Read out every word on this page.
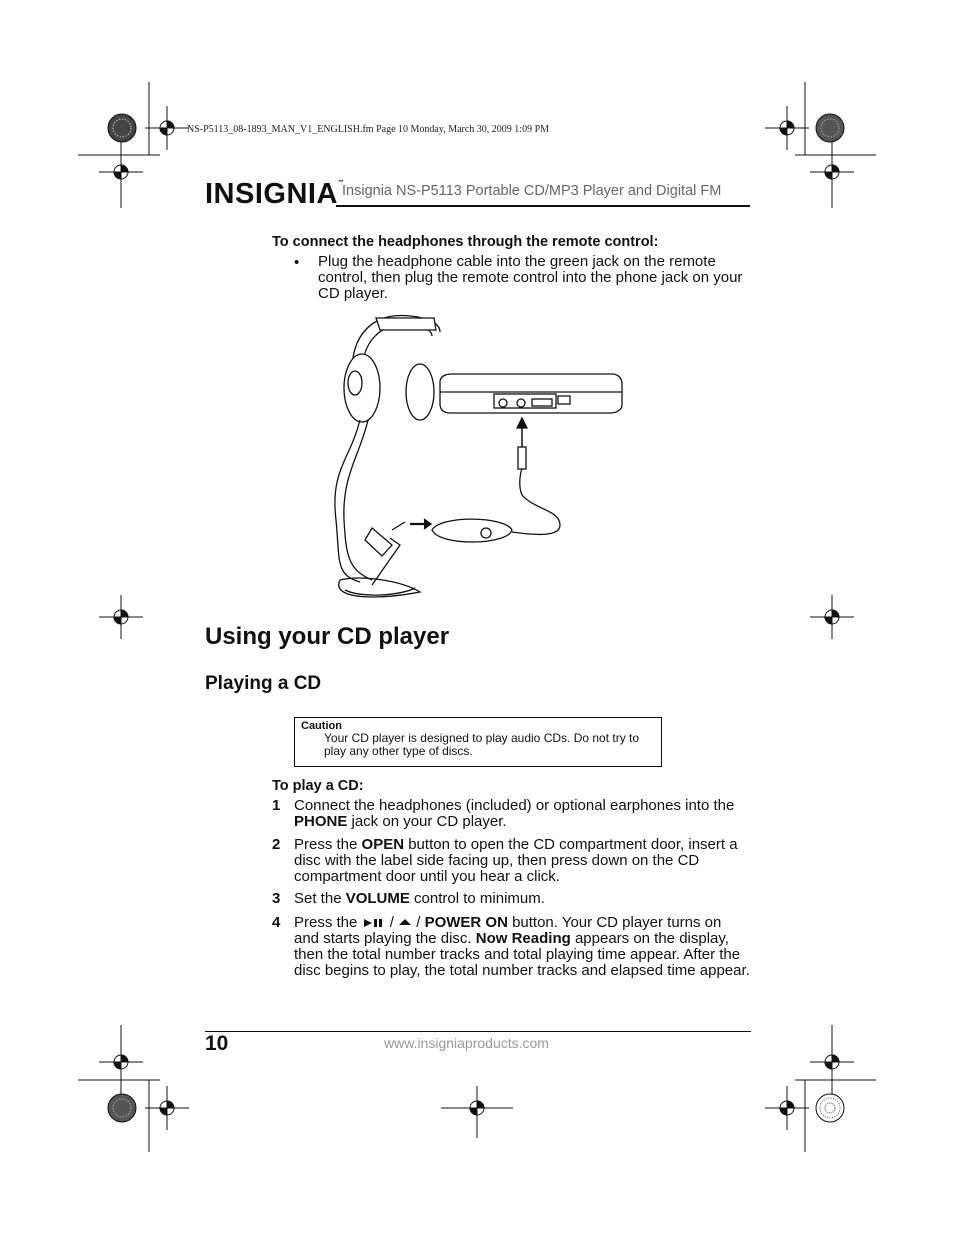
NS-P5113_08-1893_MAN_V1_ENGLISH.fm Page 10 Monday, March 30, 2009 1:09 PM
INSIGNIA™
Insignia NS-P5113 Portable CD/MP3 Player and Digital FM
To connect the headphones through the remote control:
• Plug the headphone cable into the green jack on the remote control, then plug the remote control into the phone jack on your CD player.
Using your CD player
Playing a CD
Caution
Your CD player is designed to play audio CDs. Do not try to play any other type of discs.
To play a CD:
1 Connect the headphones (included) or optional earphones into the PHONE jack on your CD player.
2 Press the OPEN button to open the CD compartment door, insert a disc with the label side facing up, then press down on the CD compartment door until you hear a click.
3 Set the VOLUME control to minimum.
4 Press the  /  / POWER ON button. Your CD player turns on and starts playing the disc. Now Reading appears on the display, then the total number tracks and total playing time appear. After the disc begins to play, the total number tracks and elapsed time appear.
10	www.insigniaproducts.com
